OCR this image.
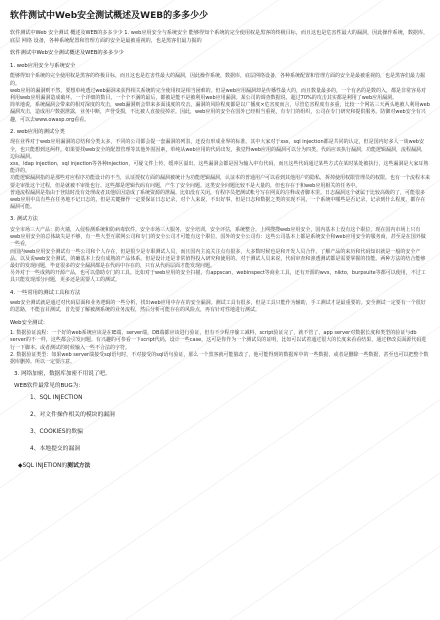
软件测试中Web安全测试概述及WEB的多多少少

软件测试中Web 安全测试 概述及WEB的多多少少 1. web应用安全与系统安全 能够得知个系统的完全使用权是黑客的终极目标，而且这也是危害性最大的漏洞，因此操作系统，数据库，底层 网络 设备，各种系统配置和管理方面的安全是最被重视的，也是黑客们最力掘的

软件测试中Web安全测试概述及WEB的多多少少

1. web应用安全与系统安全

能够得知个系统的完全使用权是黑客的终极目标，而且这也是危害性最大的漏洞，因此操作系统，数据库，底层网络设备，各种系统配置和管理方面的安全是最被重视的，也是黑客们最力掘的。
web应用的漏洞则不然，要想单纯透过web漏洞来获得相关系统的完全使用权是相当困难的。但是web应用漏洞却是传播性最大的，而且数量最多的，一个有名的是数的入，都是非常容易对利用web应用漏洞造成破坏。一个详细的数目，一个个不满的最后，都被是能不是被利用web应用漏洞。某公司的调查数据说，超过70%的攻击其实都是利用了web应用漏洞。
简单地说，系统漏洞会带来的相对深度的攻击，web漏洞则会带来多面浅度的攻击。漏洞的风险程度都是以广播度×危害度而言，尽管危害程度有多重，比较一个网站三天两头地被人利用web漏洞攻击，造成用户数据泄露，业务中断，声誉受损，不比被人直接侵掉差。因此，web应用的安全在国外已经相当重视，有专门的组织，公司在专门研究和提供服务。防御对web安全有兴趣，可以去www.owasp.org看看。

2. web应用的测试分类

现在业界对于web应用漏洞的总结和分类太多，不同的公司都会提一套漏洞的列表，还没有形成业界的标准。其中大家对于xss，sql injection都是共同的认定，但是国内好多人一谈web安全，也只能想到这两样。如果要找web安全的配置管理等其他外围因素，单纯从web应用的代码出发，我觉得web应用的漏洞可以分为四类。代码应该执行漏洞，功能逻辑漏洞，流程漏洞，边际漏洞。
xss，ldap injection，sql injection等各种injection，可疑文件上传，缓冲区溢出，这些漏洞会都是因为输入中有代码，而且这些代码通过某些方式在某时某处被执行，这些漏洞是大家耳熟能详的。
功能逻辑漏洞指的是那些对应程序功能设计的不当，认证授权方面的漏洞被统计为功能逻辑漏洞，认证本的普通用户可以看到其他用户的隐私，拆掉使用权限管理员的权限。也有一个流程本来要走审批这个过程，但是就被不审批也行。这些都是逻辑代码有问题，产生了安全问题。这类安全问题比较不是大量的，但也存在于和web应用相关的任务中。
普通流程漏洞是指由于登陆时没有处理或者其他原因造成了系统资源的泄漏。比如没有关闭，有程序员把测试帐号写在网页的注释或者脚本里。日志漏洞这个就属于比较高级的了，可能很多web应用中具有些在任务地不记日志的，但是关键操作一定要保证日志记录，对个人来说，不出好事，但是日志和数据之类的实现不同，一个系统中哪些是否记录，记录到什么程度，都存在漏洞可能。

3. 测试方法

安全市场三大产品：防火墙，入侵检测系统和防病毒软件。安全市场三大服务，安全培训，安全评估，系统整合。上网搜搜web应用安全，国内基本上没有这个职位，现在国内市场上只有web应用安全的总体缺失是不够，有一些大型互联网公司和专门的安全公司才可能有这个职位。国外的安全公司有：这些公司基本上都是系统安全和web应用安全的服务商，甚至是在国外做一些看，
而国内web应用安全测试有一些公司和个人存在，但是很少是专职测试人员，而且国内主流关注点有很多，大多数时候也是和开发人员合作，了解产品的来历和代码知识就是一般的安全产品。以及说web安全测试，的确基本上没有成熟的产品体系。但是设计还是非常值得投入研究和使用的。对于测试人员来说，代码审查和渗透测试都是需要掌握的技能。两种方法的结合能够最好的发现问题，毕竟很多的安全漏洞都是在代码中存在的，只有从代码层面才能发现问题。
另外对于一些成熟的开源产品，也可以借助专门的工具。比如对于web应用的安全扫描，有appscan，webinspect等商业工具，还有开源的wvs，nikto，burpsuite等都可以使用，不过工具只能发现部分问题，更多还是需要人工的测试。

4. 一些常用的测试工具和方法

web安全测试就是通过对代码层面和业务逻辑的一些分析，找出web应用中存在的安全漏洞。测试工具有很多，但是工具只能作为辅助，手工测试才是最重要的。安全测试一定要有一个很好的思路，不能盲目测试，首先要了解被测系统的业务流程，然后分析可能存在的风险点，再有针对性地进行测试。

Web安全测试：

1. 数据验证流程：一个好的web系统应该是在IE端，server端，DB端都应该进行验证，但有不少程序偷工减料，script验证完了，就不管了，app server对数据长度和类型的验证与db server的不一样，这些都会引发问题。有兴趣的可参看一下script代码，设计一些case，这可是你作为一个测试员的证明，比如可以试着通过很大的长度来看看结果，通过修改页面源代码进行一下脚本。或者测试的时候输入一些不合法的字符。
2. 数据验证类型：如果web server端接受sql语句时，不对接受的sql语句验证，那么一个黑客就可能篡改了，他可能得到的数据库中的一些数据，或者是删除一些数据，甚至也可以把整个数据库删掉。所以一定要注意。

3. 网络加密，数据库加密不用说了吧。

WEB软件最常见的BUG为：

1、SQL INJECTION
2、对文件操作相关的模块的漏洞
3、COOKIES的欺骗
4、本地提交的漏洞
◆SQL INJETION的测试方法
